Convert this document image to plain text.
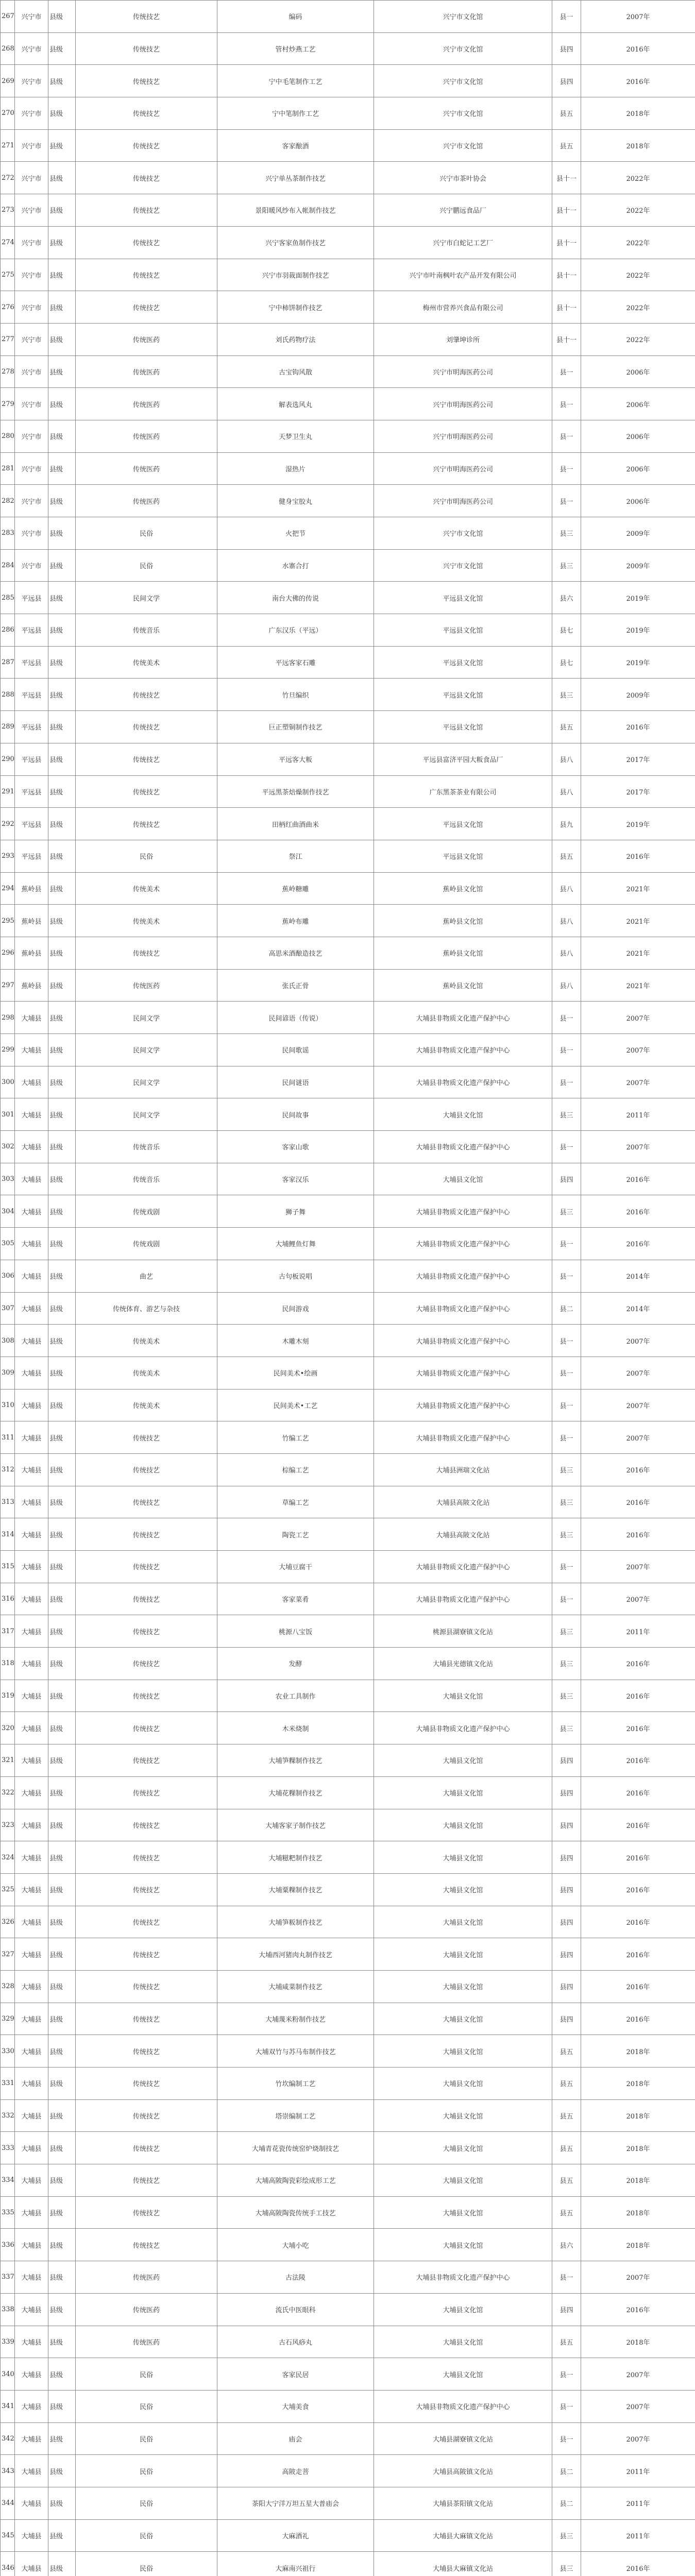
267	兴宁市	县级	传统技艺	编码	兴宁市文化馆	县一	2007年
268	兴宁市	县级	传统技艺	管村炒燕工艺	兴宁市文化馆	县四	2016年
269	兴宁市	县级	传统技艺	宁中毛笔制作工艺	兴宁市文化馆	县四	2016年
270	兴宁市	县级	传统技艺	宁中笔制作工艺	兴宁市文化馆	县五	2018年
271	兴宁市	县级	传统技艺	客家酿酒	兴宁市文化馆	县五	2018年
272	兴宁市	县级	传统技艺	兴宁单丛茶制作技艺	兴宁市茶叶协会	县十一	2022年
273	兴宁市	县级	传统技艺	景阳暖风纱布入帐制作技艺	兴宁鹏远食品厂	县十一	2022年
274	兴宁市	县级	传统技艺	兴宁客家鱼制作技艺	兴宁市白蛇记工艺厂	县十一	2022年
275	兴宁市	县级	传统技艺	兴宁市羽裁面制作技艺	兴宁市叶南枫叶农产品开发有限公司	县十一	2022年
276	兴宁市	县级	传统技艺	宁中柿饼制作技艺	梅州市营养兴食品有限公司	县十一	2022年
277	兴宁市	县级	传统医药	刘氏药物疗法	刘肇坤诊所	县十一	2022年
278	兴宁市	县级	传统医药	古宝钩风散	兴宁市明海医药公司	县一	2006年
279	兴宁市	县级	传统医药	解表选风丸	兴宁市明海医药公司	县一	2006年
280	兴宁市	县级	传统医药	天梦卫生丸	兴宁市明海医药公司	县一	2006年
281	兴宁市	县级	传统医药	湿热片	兴宁市明海医药公司	县一	2006年
282	兴宁市	县级	传统医药	健身宝胶丸	兴宁市明海医药公司	县一	2006年
283	兴宁市	县级	民俗	火把节	兴宁市文化馆	县三	2009年
284	兴宁市	县级	民俗	水寨合打	兴宁市文化馆	县三	2009年
285	平远县	县级	民间文学	南台大佛的传说	平远县文化馆	县六	2019年
286	平远县	县级	传统音乐	广东汉乐（平远）	平远县文化馆	县七	2019年
287	平远县	县级	传统美术	平远客家石雕	平远县文化馆	县七	2019年
288	平远县	县级	传统技艺	竹旦编织	平远县文化馆	县三	2009年
289	平远县	县级	传统技艺	巨正塑铜制作技艺	平远县文化馆	县五	2016年
290	平远县	县级	传统技艺	平远客大粄	平远县富济平园大粄食品厂	县八	2017年
291	平远县	县级	传统技艺	平远黑茶焙燥制作技艺	广东黑茶茶业有限公司	县八	2017年
292	平远县	县级	传统技艺	田柄红曲酒曲米	平远县文化馆	县九	2019年
293	平远县	县级	民俗	祭江	平远县文化馆	县五	2016年
294	蕉岭县	县级	传统美术	蕉岭糖雕	蕉岭县文化馆	县八	2021年
295	蕉岭县	县级	传统美术	蕉岭布雕	蕉岭县文化馆	县八	2021年
296	蕉岭县	县级	传统技艺	高思米酒酿造技艺	蕉岭县文化馆	县八	2021年
297	蕉岭县	县级	传统医药	张氏正骨	蕉岭县文化馆	县八	2021年
298	大埔县	县级	民间文学	民间谚语（传说）	大埔县非物质文化遗产保护中心	县一	2007年
299	大埔县	县级	民间文学	民间歌谣	大埔县非物质文化遗产保护中心	县一	2007年
300	大埔县	县级	民间文学	民间谜语	大埔县非物质文化遗产保护中心	县一	2007年
301	大埔县	县级	民间文学	民间故事	大埔县文化馆	县三	2011年
302	大埔县	县级	传统音乐	客家山歌	大埔县非物质文化遗产保护中心	县一	2007年
303	大埔县	县级	传统音乐	客家汉乐	大埔县文化馆	县四	2016年
304	大埔县	县级	传统戏剧	狮子舞	大埔县非物质文化遗产保护中心	县三	2016年
305	大埔县	县级	传统戏剧	大埔鲤鱼灯舞	大埔县非物质文化遗产保护中心	县一	2016年
306	大埔县	县级	曲艺	古句板说唱	大埔县非物质文化遗产保护中心	县一	2014年
307	大埔县	县级	传统体育、游艺与杂技	民间游戏	大埔县非物质文化遗产保护中心	县二	2014年
308	大埔县	县级	传统美术	木雕木刻	大埔县非物质文化遗产保护中心	县一	2007年
309	大埔县	县级	传统美术	民间美术•绘画	大埔县非物质文化遗产保护中心	县一	2007年
310	大埔县	县级	传统美术	民间美术•工艺	大埔县非物质文化遗产保护中心	县一	2007年
311	大埔县	县级	传统技艺	竹编工艺	大埔县非物质文化遗产保护中心	县一	2007年
312	大埔县	县级	传统技艺	棕编工艺	大埔县洲瑞文化站	县三	2016年
313	大埔县	县级	传统技艺	草编工艺	大埔县高陂文化站	县三	2016年
314	大埔县	县级	传统技艺	陶瓷工艺	大埔县高陂文化站	县三	2016年
315	大埔县	县级	传统技艺	大埔豆腐干	大埔县非物质文化遗产保护中心	县一	2007年
316	大埔县	县级	传统技艺	客家菜肴	大埔县非物质文化遗产保护中心	县一	2007年
317	大埔县	县级	传统技艺	桃源八宝饭	桃源县湖寮镇文化站	县三	2011年
318	大埔县	县级	传统技艺	发酵	大埔县光德镇文化站	县三	2016年
319	大埔县	县级	传统技艺	农业工具制作	大埔县文化馆	县三	2016年
320	大埔县	县级	传统技艺	木米烧制	大埔县非物质文化遗产保护中心	县三	2016年
321	大埔县	县级	传统技艺	大埔笋粿制作技艺	大埔县文化馆	县四	2016年
322	大埔县	县级	传统技艺	大埔花粿制作技艺	大埔县文化馆	县四	2016年
323	大埔县	县级	传统技艺	大埔客家子制作技艺	大埔县文化馆	县四	2016年
324	大埔县	县级	传统技艺	大埔糍粑制作技艺	大埔县文化馆	县四	2016年
325	大埔县	县级	传统技艺	大埔粟粿制作技艺	大埔县文化馆	县四	2016年
326	大埔县	县级	传统技艺	大埔笋粄制作技艺	大埔县文化馆	县四	2016年
327	大埔县	县级	传统技艺	大埔西河猪肉丸制作技艺	大埔县文化馆	县四	2016年
328	大埔县	县级	传统技艺	大埔咸菜制作技艺	大埔县文化馆	县四	2016年
329	大埔县	县级	传统技艺	大埔蔑米粉制作技艺	大埔县文化馆	县四	2016年
330	大埔县	县级	传统技艺	大埔双竹与苏马布制作技艺	大埔县文化馆	县五	2018年
331	大埔县	县级	传统技艺	竹坎编制工艺	大埔县文化馆	县五	2018年
332	大埔县	县级	传统技艺	塔崇编制工艺	大埔县文化馆	县五	2018年
333	大埔县	县级	传统技艺	大埔青花瓷传统窑炉烧制技艺	大埔县文化馆	县五	2018年
334	大埔县	县级	传统技艺	大埔高陂陶瓷彩绘成形工艺	大埔县文化馆	县五	2018年
335	大埔县	县级	传统技艺	大埔高陂陶瓷传统手工技艺	大埔县文化馆	县五	2018年
336	大埔县	县级	传统技艺	大埔小吃	大埔县文化馆	县六	2018年
337	大埔县	县级	传统医药	古法陵	大埔县非物质文化遗产保护中心	县一	2007年
338	大埔县	县级	传统医药	流氏中医眼科	大埔县文化馆	县四	2016年
339	大埔县	县级	传统医药	古石风痧丸	大埔县文化馆	县五	2018年
340	大埔县	县级	民俗	客家民居	大埔县文化馆	县一	2007年
341	大埔县	县级	民俗	大埔美食	大埔县非物质文化遗产保护中心	县一	2007年
342	大埔县	县级	民俗	庙会	大埔县湖寮镇文化站	县一	2007年
343	大埔县	县级	民俗	高陂走菩	大埔县高陂镇文化站	县二	2011年
344	大埔县	县级	民俗	茶阳大宁洋万坦五星大普庙会	大埔县茶阳镇文化站	县二	2011年
345	大埔县	县级	民俗	大麻酒礼	大埔县大麻镇文化站	县三	2011年
346	大埔县	县级	民俗	大麻南兴祖行	大埔县大麻镇文化站	县三	2016年
